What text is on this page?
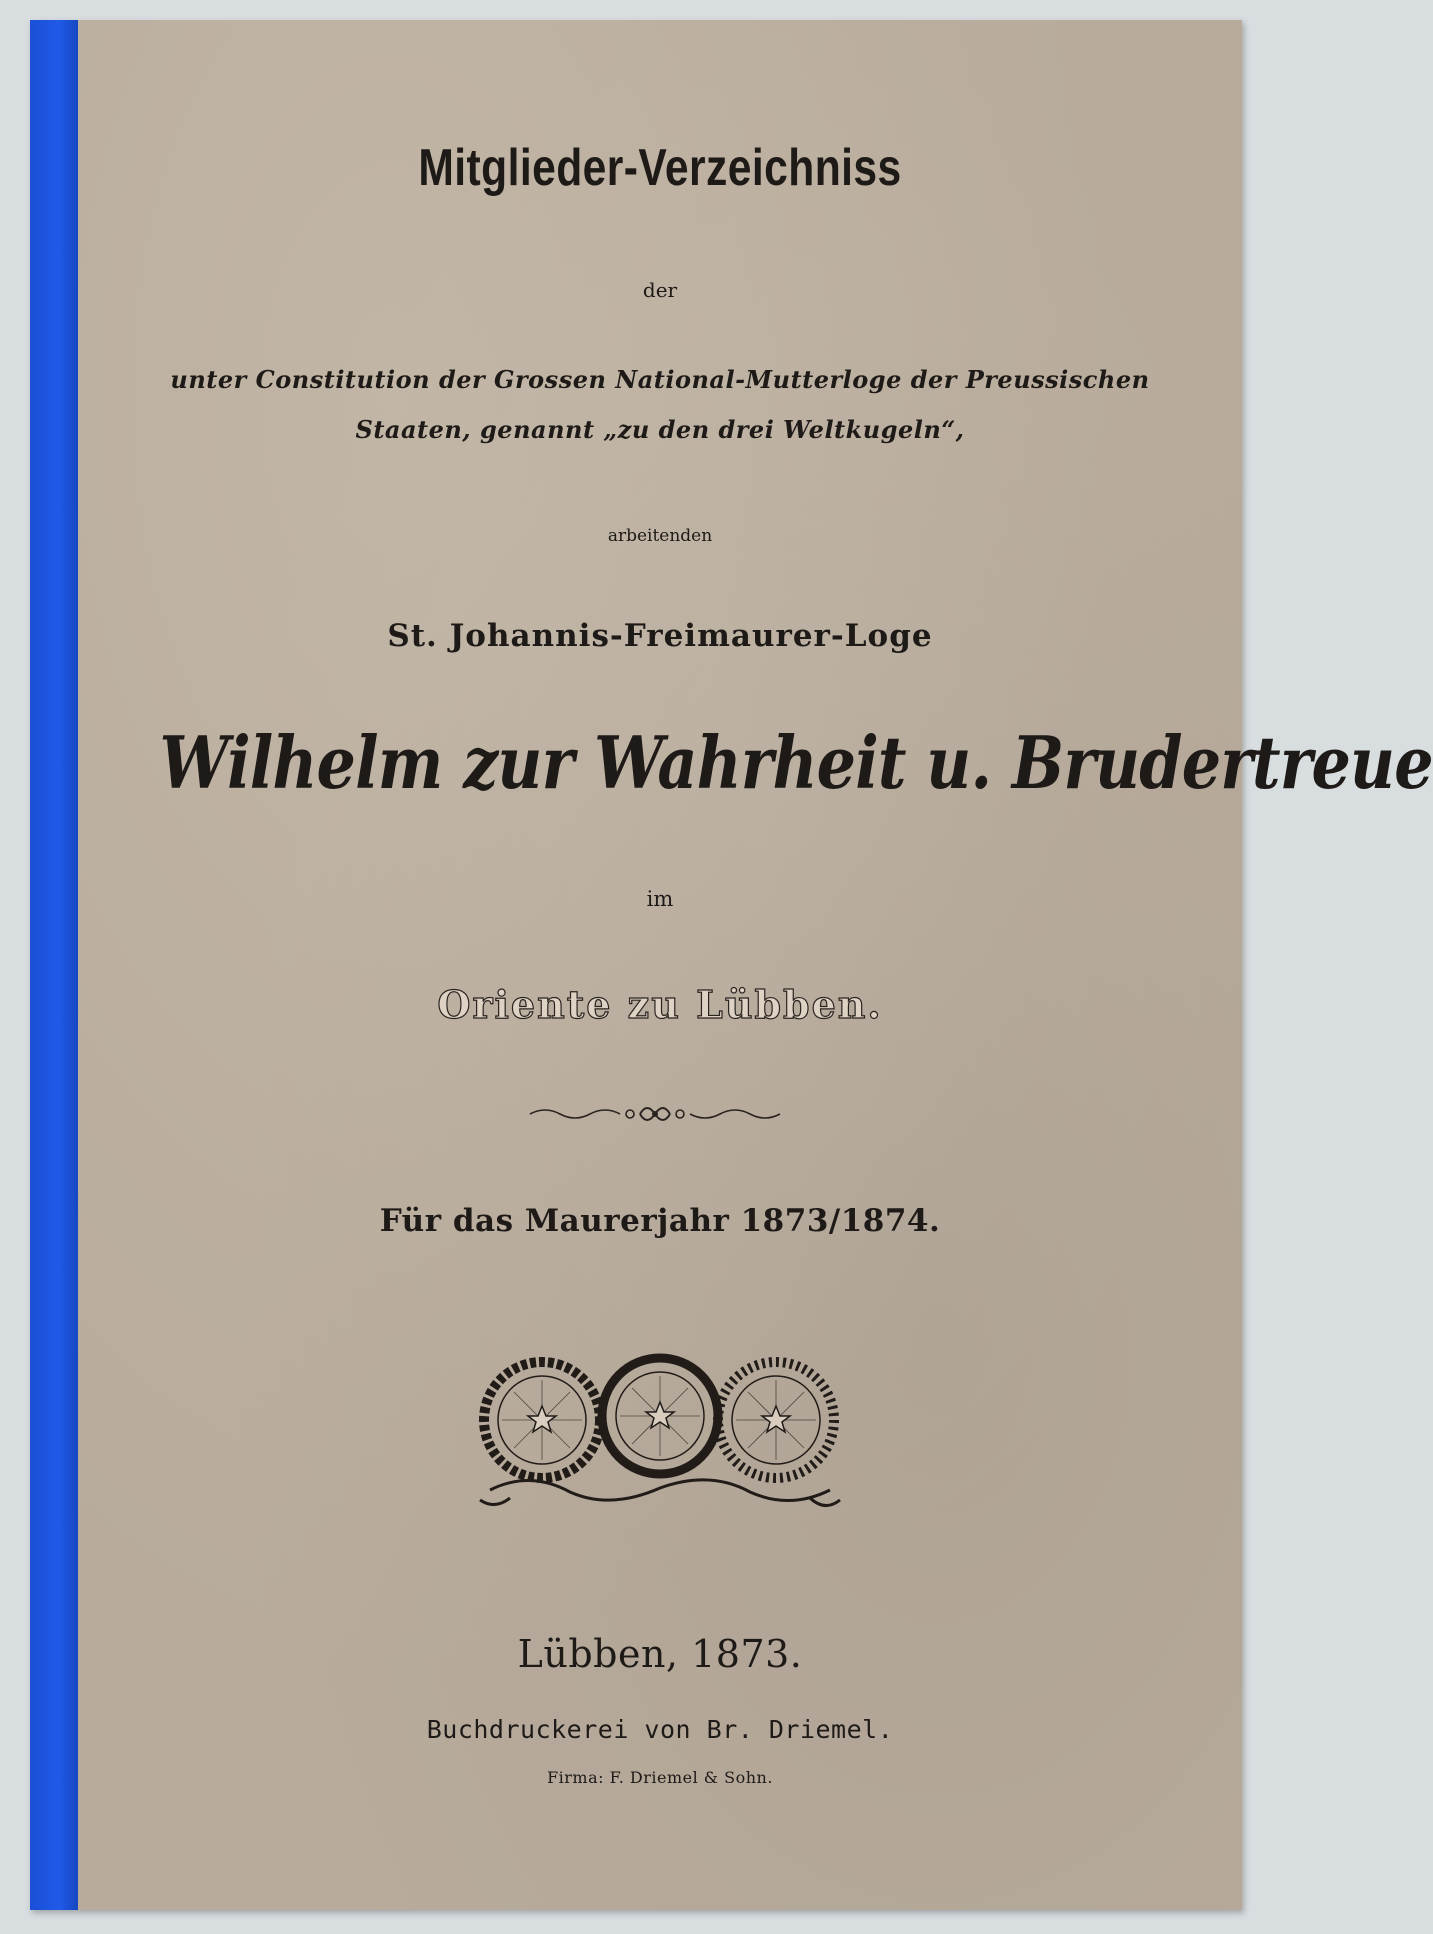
Mitglieder-Verzeichniss

der

unter Constitution der Grossen National-Mutterloge der Preussischen

Staaten, genannt „zu den drei Weltkugeln“,

arbeitenden

St. Johannis-Freimaurer-Loge

Wilhelm zur Wahrheit u. Brudertreue

im

Oriente zu Lübben.

Für das Maurerjahr 1873/1874.

Lübben, 1873.

Buchdruckerei von Br. Driemel.

Firma: F. Driemel & Sohn.
